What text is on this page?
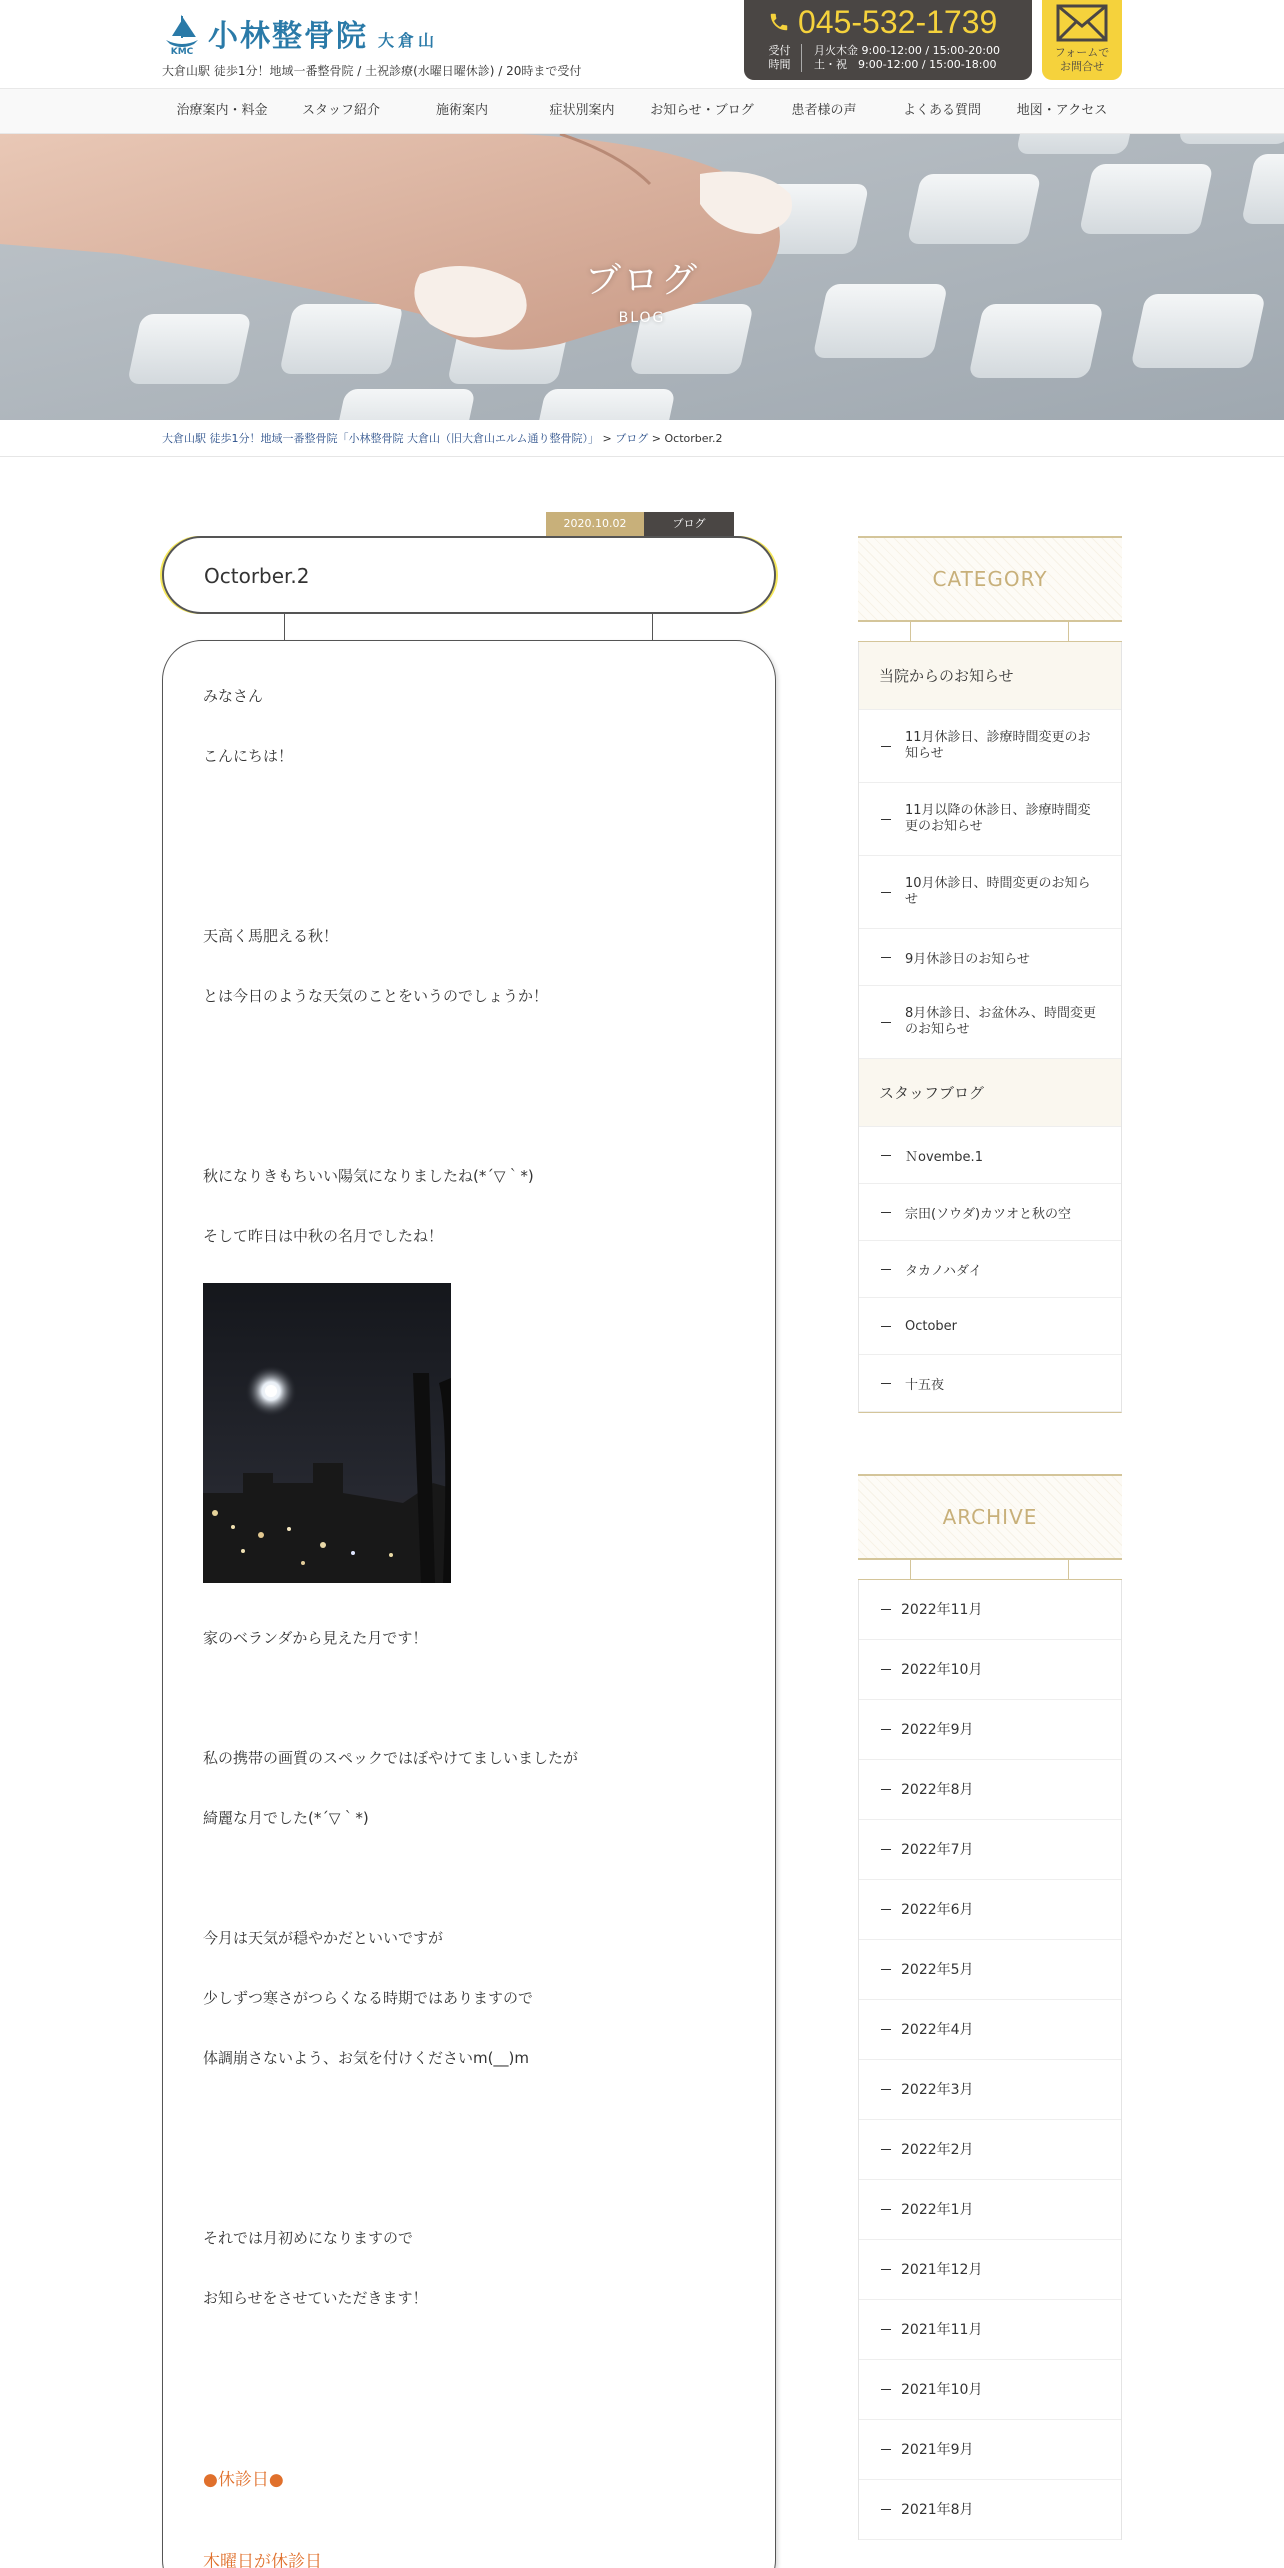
KMC 小林整骨院 大倉山
大倉山駅 徒歩1分！地域一番整骨院 / 土祝診療(水曜日曜休診) / 20時まで受付
045-532-1739
受付
時間
月火木金 9:00-12:00 / 15:00-20:00
土・祝　9:00-12:00 / 15:00-18:00
フォームで
お問合せ
治療案内・料金	スタッフ紹介	施術案内	症状別案内	お知らせ・ブログ	患者様の声	よくある質問	地図・アクセス
ブログ
BLOG
大倉山駅 徒歩1分！地域一番整骨院「小林整骨院 大倉山（旧大倉山エルム通り整骨院）」 > ブログ > Octorber.2
2020.10.02	ブログ
Octorber.2
みなさん
こんにちは！
天高く馬肥える秋！
とは今日のような天気のことをいうのでしょうか！
秋になりきもちいい陽気になりましたね(*´▽｀*)
そして昨日は中秋の名月でしたね！
家のベランダから見えた月です！
私の携帯の画質のスペックではぼやけてましいましたが
綺麗な月でした(*´▽｀*)
今月は天気が穏やかだといいですが
少しずつ寒さがつらくなる時期ではありますので
体調崩さないよう、お気を付けくださいm(__)m
それでは月初めになりますので
お知らせをさせていただきます！
●休診日●
木曜日が休診日
CATEGORY
当院からのお知らせ
11月休診日、診療時間変更のお知らせ
11月以降の休診日、診療時間変更のお知らせ
10月休診日、時間変更のお知らせ
9月休診日のお知らせ
8月休診日、お盆休み、時間変更のお知らせ
スタッフブログ
Ｎovembe.1
宗田(ソウダ)カツオと秋の空
タカノハダイ
October
十五夜
ARCHIVE
2022年11月
2022年10月
2022年9月
2022年8月
2022年7月
2022年6月
2022年5月
2022年4月
2022年3月
2022年2月
2022年1月
2021年12月
2021年11月
2021年10月
2021年9月
2021年8月
